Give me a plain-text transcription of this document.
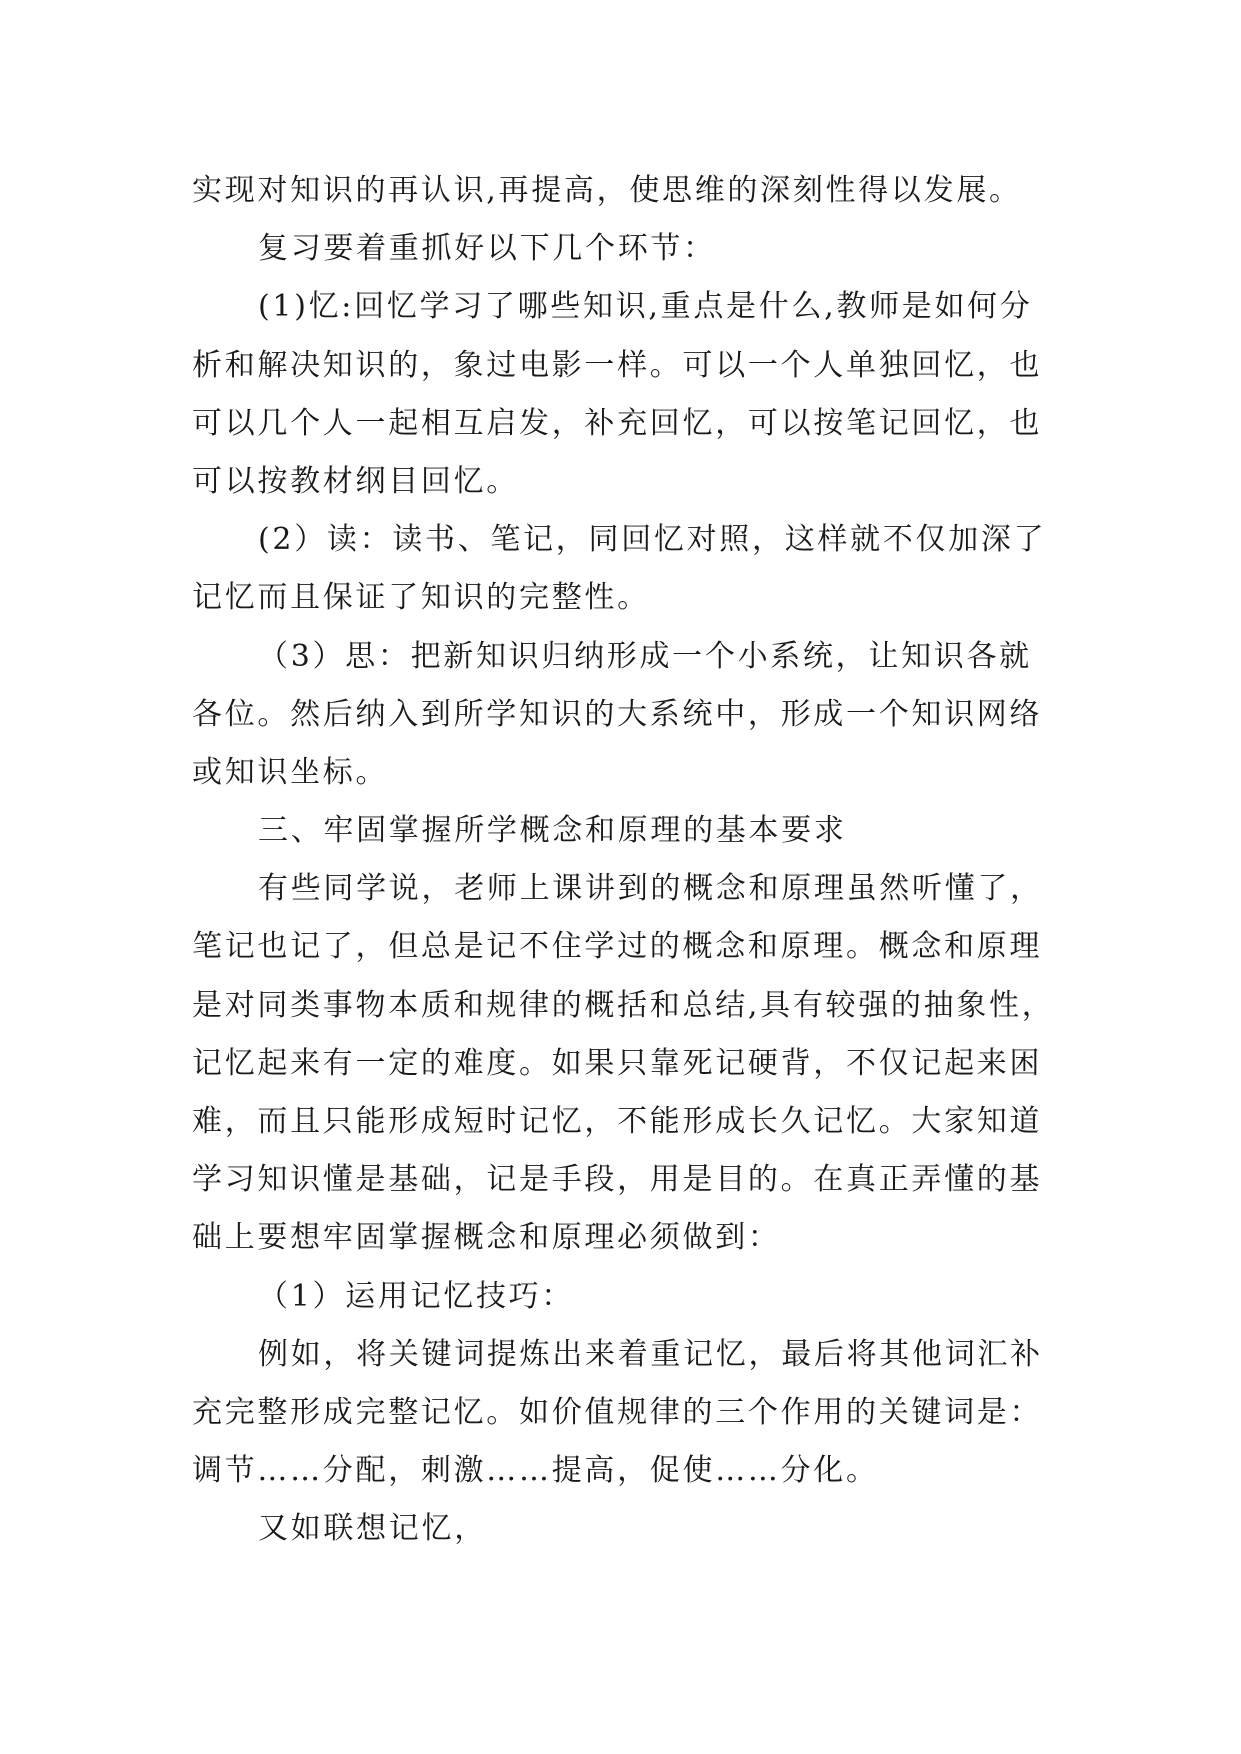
实现对知识的再认识,再提高，使思维的深刻性得以发展。
复习要着重抓好以下几个环节：
(1)忆:回忆学习了哪些知识,重点是什么,教师是如何分
析和解决知识的，象过电影一样。可以一个人单独回忆，也
可以几个人一起相互启发，补充回忆，可以按笔记回忆，也
可以按教材纲目回忆。
(2）读：读书、笔记，同回忆对照，这样就不仅加深了
记忆而且保证了知识的完整性。
（3）思：把新知识归纳形成一个小系统，让知识各就
各位。然后纳入到所学知识的大系统中，形成一个知识网络
或知识坐标。
三、牢固掌握所学概念和原理的基本要求
有些同学说，老师上课讲到的概念和原理虽然听懂了，
笔记也记了，但总是记不住学过的概念和原理。概念和原理
是对同类事物本质和规律的概括和总结,具有较强的抽象性，
记忆起来有一定的难度。如果只靠死记硬背，不仅记起来困
难，而且只能形成短时记忆，不能形成长久记忆。大家知道
学习知识懂是基础，记是手段，用是目的。在真正弄懂的基
础上要想牢固掌握概念和原理必须做到：
（1）运用记忆技巧：
例如，将关键词提炼出来着重记忆，最后将其他词汇补
充完整形成完整记忆。如价值规律的三个作用的关键词是：
调节……分配，刺激……提高，促使……分化。
又如联想记忆，
